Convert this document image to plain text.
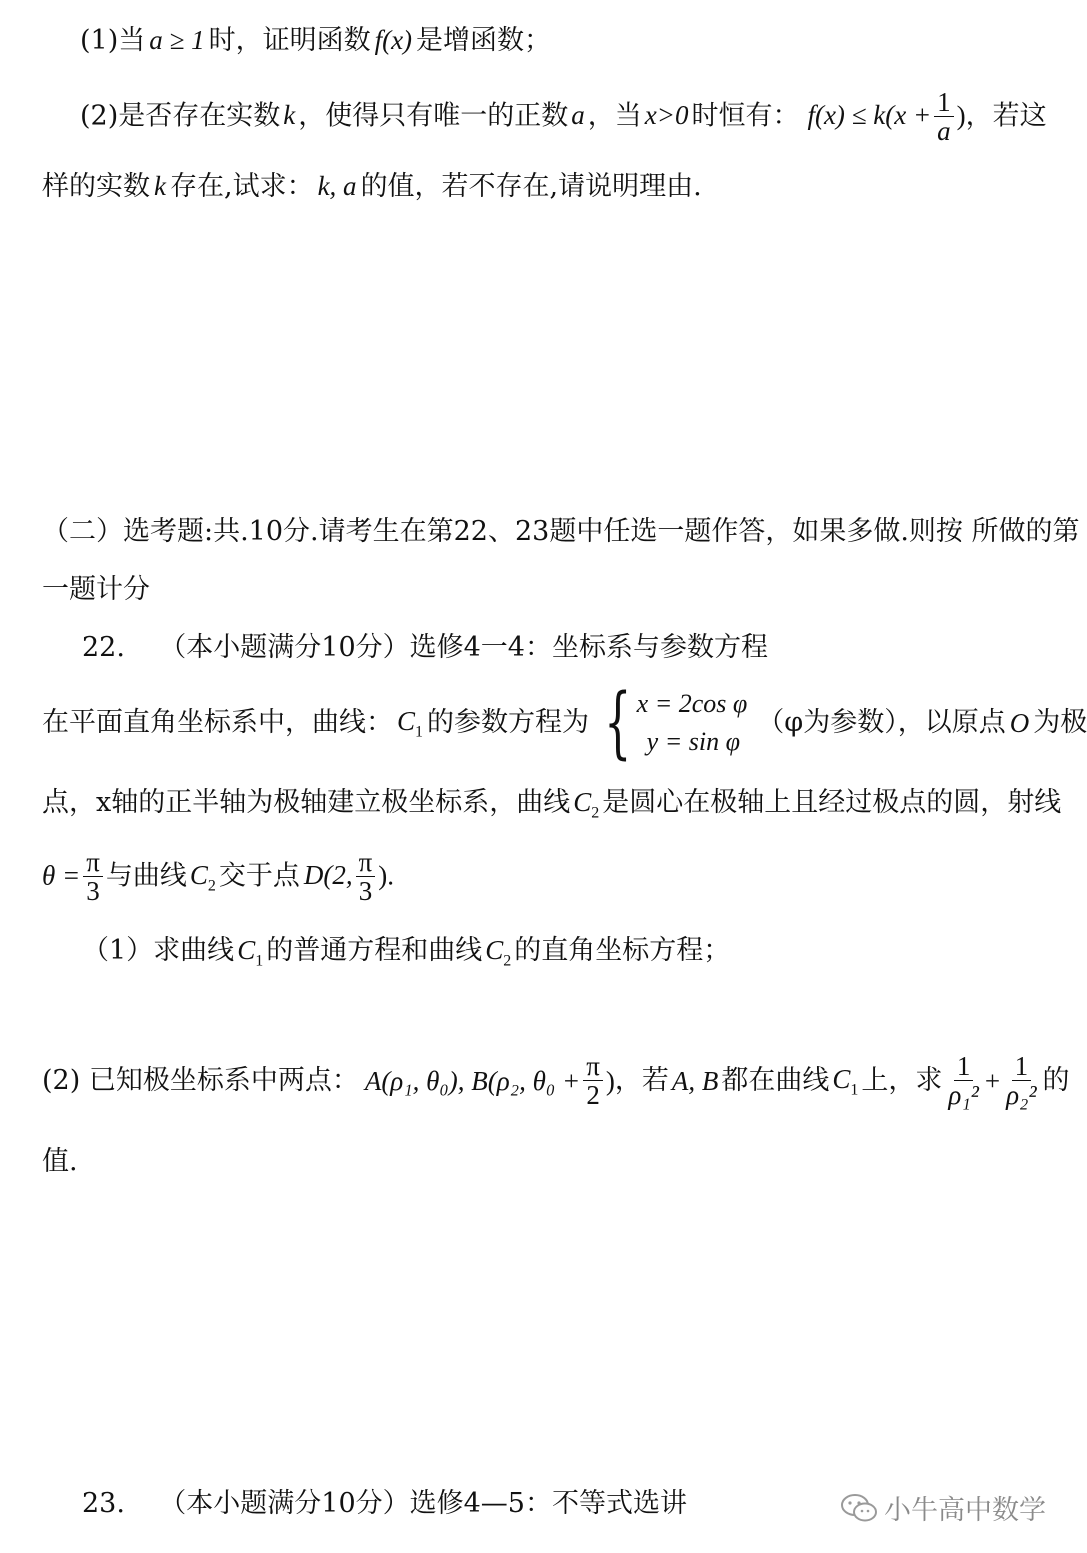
(1)当 a ≥ 1 时，证明函数 f(x) 是增函数；
(2)是否存在实数 k ，使得只有唯一的正数 a ，当 x>0 时恒有： $f(x) \le k(x + \frac{1}{a}$ )，若这
样的实数 k 存在,试求： k, a 的值，若不存在,请说明理由.
（二）选考题:共.10分.请考生在第22、23题中任选一题作答，如果多做.则按 所做的第
一题计分
22.    （本小题满分10分）选修4一4：坐标系与参数方程
在平面直角坐标系中，曲线： $C_1$ 的参数方程为 { x = 2cos φ
y = sin φ
（φ为参数），以原点 O 为极
点，x轴的正半轴为极轴建立极坐标系，曲线 $C_2$ 是圆心在极轴上且经过极点的圆，射线
$\theta = \frac{\pi}{3}$ 与曲线 $C_2$ 交于点 D(2, $\frac{\pi}{3}$ ).
（1）求曲线 $C_1$ 的普通方程和曲线 $C_2$ 的直角坐标方程；
(2) 已知极坐标系中两点： A(ρ₁, θ₀), B(ρ₂, $\theta_0 + \frac{\pi}{2}$ ) ，若 A, B 都在曲线 $C_1$ 上，求 $\frac{1}{\text{ρ₁²}} + \frac{1}{\text{ρ₂²}}$ 的
值.
23.    （本小题满分10分）选修4—5：不等式选讲	小牛高中数学
